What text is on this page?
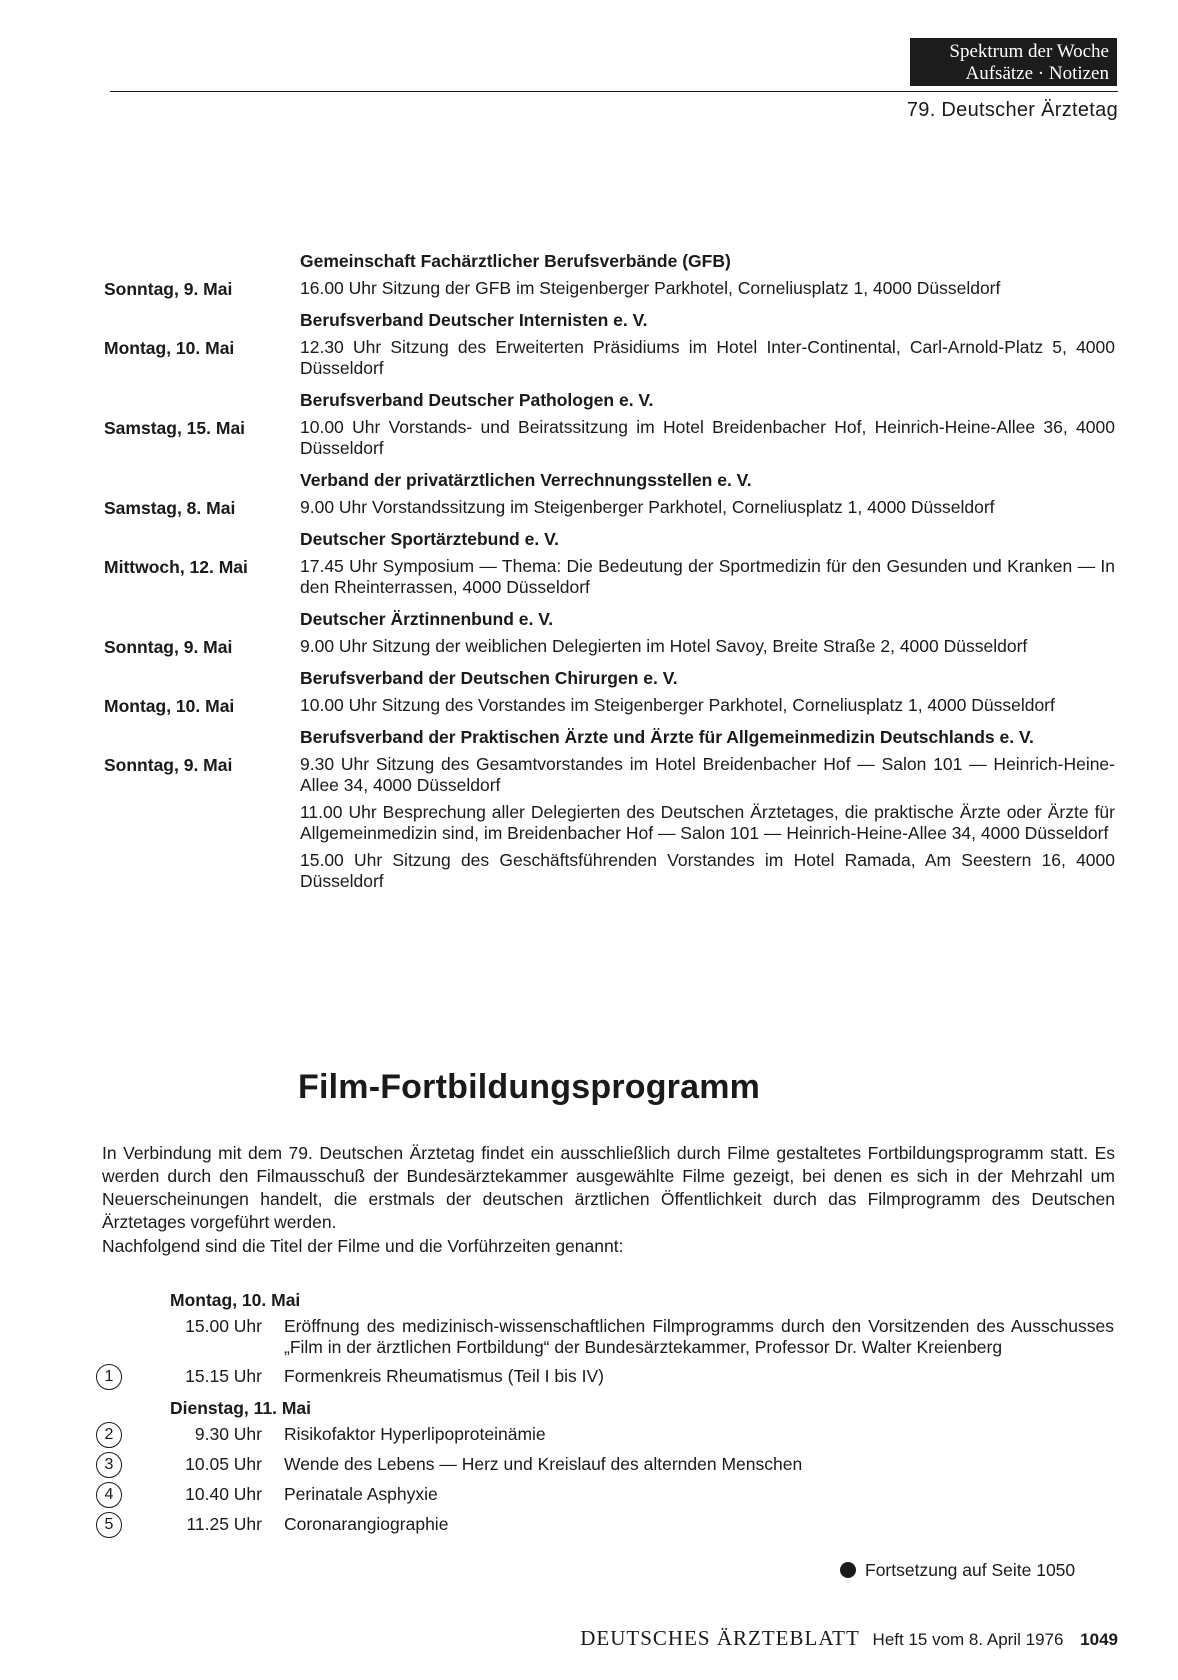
Spektrum der Woche
Aufsätze · Notizen
79. Deutscher Ärztetag
Gemeinschaft Fachärztlicher Berufsverbände (GFB)
Sonntag, 9. Mai	16.00 Uhr Sitzung der GFB im Steigenberger Parkhotel, Corneliusplatz 1, 4000 Düsseldorf
Berufsverband Deutscher Internisten e. V.
Montag, 10. Mai	12.30 Uhr Sitzung des Erweiterten Präsidiums im Hotel Inter-Continental, Carl-Arnold-Platz 5, 4000 Düsseldorf
Berufsverband Deutscher Pathologen e. V.
Samstag, 15. Mai	10.00 Uhr Vorstands- und Beiratssitzung im Hotel Breidenbacher Hof, Heinrich-Heine-Allee 36, 4000 Düsseldorf
Verband der privatärztlichen Verrechnungsstellen e. V.
Samstag, 8. Mai	9.00 Uhr Vorstandssitzung im Steigenberger Parkhotel, Corneliusplatz 1, 4000 Düsseldorf
Deutscher Sportärztebund e. V.
Mittwoch, 12. Mai	17.45 Uhr Symposium — Thema: Die Bedeutung der Sportmedizin für den Gesunden und Kranken — In den Rheinterrassen, 4000 Düsseldorf
Deutscher Ärztinnenbund e. V.
Sonntag, 9. Mai	9.00 Uhr Sitzung der weiblichen Delegierten im Hotel Savoy, Breite Straße 2, 4000 Düsseldorf
Berufsverband der Deutschen Chirurgen e. V.
Montag, 10. Mai	10.00 Uhr Sitzung des Vorstandes im Steigenberger Parkhotel, Corneliusplatz 1, 4000 Düsseldorf
Berufsverband der Praktischen Ärzte und Ärzte für Allgemeinmedizin Deutschlands e. V.
Sonntag, 9. Mai	9.30 Uhr Sitzung des Gesamtvorstandes im Hotel Breidenbacher Hof — Salon 101 — Heinrich-Heine-Allee 34, 4000 Düsseldorf
11.00 Uhr Besprechung aller Delegierten des Deutschen Ärztetages, die praktische Ärzte oder Ärzte für Allgemeinmedizin sind, im Breidenbacher Hof — Salon 101 — Heinrich-Heine-Allee 34, 4000 Düsseldorf
15.00 Uhr Sitzung des Geschäftsführenden Vorstandes im Hotel Ramada, Am Seestern 16, 4000 Düsseldorf
Film-Fortbildungsprogramm
In Verbindung mit dem 79. Deutschen Ärztetag findet ein ausschließlich durch Filme gestaltetes Fortbildungsprogramm statt. Es werden durch den Filmausschuß der Bundesärztekammer ausgewählte Filme gezeigt, bei denen es sich in der Mehrzahl um Neuerscheinungen handelt, die erstmals der deutschen ärztlichen Öffentlichkeit durch das Filmprogramm des Deutschen Ärztetages vorgeführt werden.
Nachfolgend sind die Titel der Filme und die Vorführzeiten genannt:
Montag, 10. Mai
15.00 Uhr Eröffnung des medizinisch-wissenschaftlichen Filmprogramms durch den Vorsitzenden des Ausschusses „Film in der ärztlichen Fortbildung“ der Bundesärztekammer, Professor Dr. Walter Kreienberg
1	15.15 Uhr Formenkreis Rheumatismus (Teil I bis IV)
Dienstag, 11. Mai
2	9.30 Uhr Risikofaktor Hyperlipoproteinämie
3	10.05 Uhr Wende des Lebens — Herz und Kreislauf des alternden Menschen
4	10.40 Uhr Perinatale Asphyxie
5	11.25 Uhr Coronarangiographie
Fortsetzung auf Seite 1050
DEUTSCHES ÄRZTEBLATT Heft 15 vom 8. April 1976 1049
